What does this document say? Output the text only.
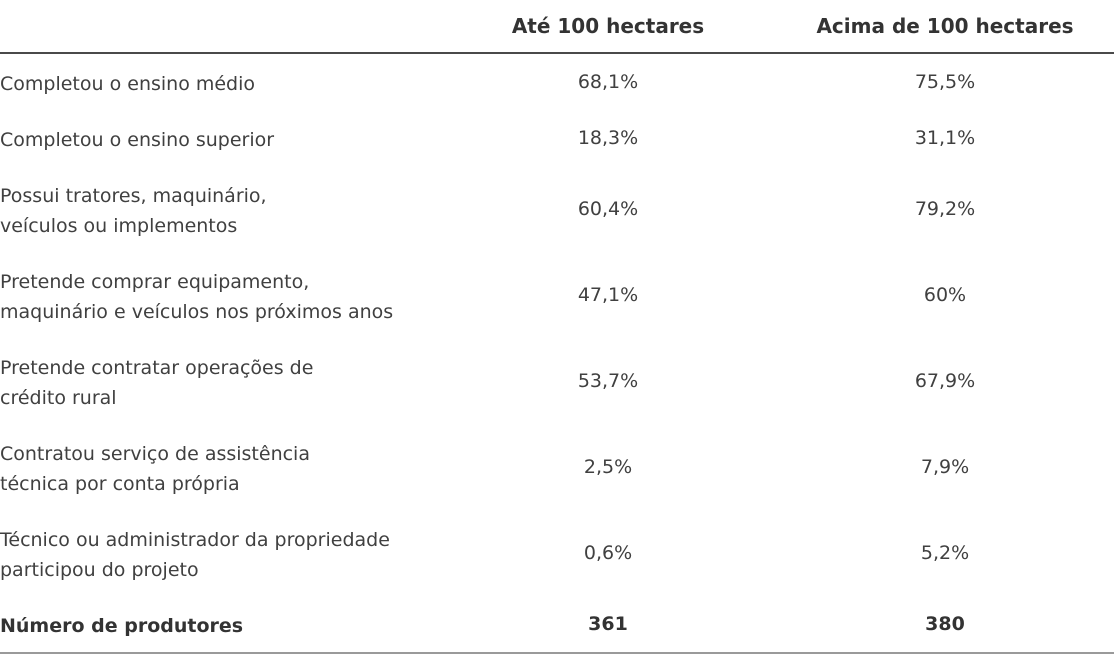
	Até 100 hectares	Acima de 100 hectares
Completou o ensino médio	68,1%	75,5%
Completou o ensino superior	18,3%	31,1%
Possui tratores, maquinário,
veículos ou implementos	60,4%	79,2%
Pretende comprar equipamento,
maquinário e veículos nos próximos anos	47,1%	60%
Pretende contratar operações de
crédito rural	53,7%	67,9%
Contratou serviço de assistência
técnica por conta própria	2,5%	7,9%
Técnico ou administrador da propriedade
participou do projeto	0,6%	5,2%
Número de produtores	361	380
